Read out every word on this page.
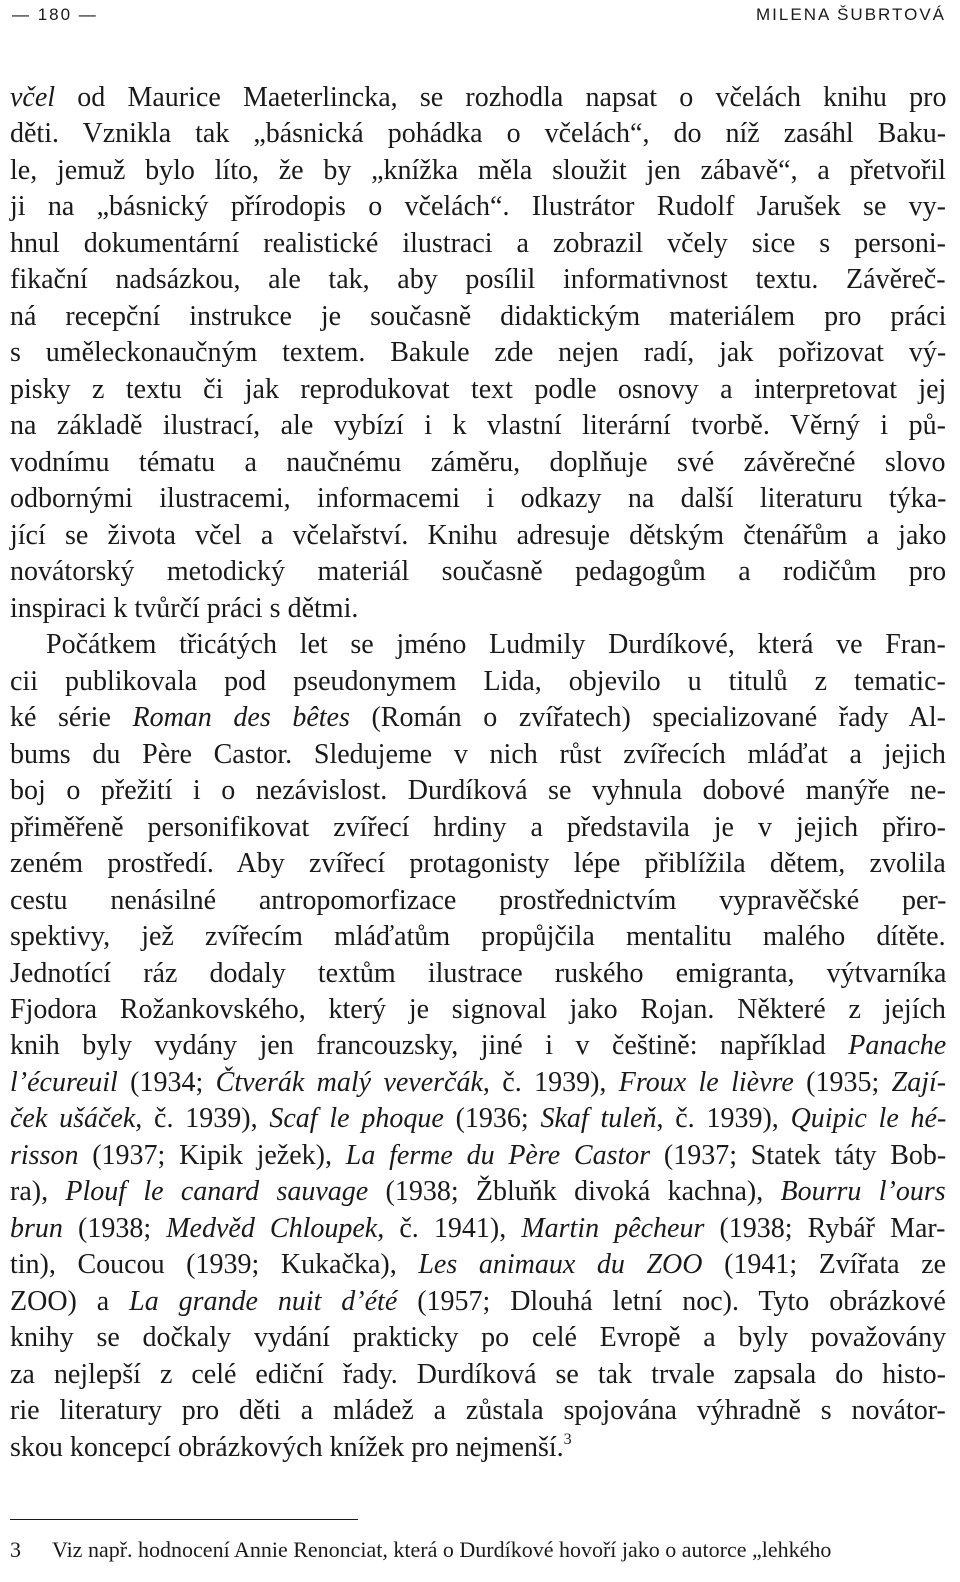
— 180 —	MILENA ŠUBRTOVÁ
včel od Maurice Maeterlincka, se rozhodla napsat o včelách knihu pro
děti. Vznikla tak „básnická pohádka o včelách“, do níž zasáhl Baku-
le, jemuž bylo líto, že by „knížka měla sloužit jen zábavě“, a přetvořil
ji na „básnický přírodopis o včelách“. Ilustrátor Rudolf Jarušek se vy-
hnul dokumentární realistické ilustraci a zobrazil včely sice s personi-
fikační nadsázkou, ale tak, aby posílil informativnost textu. Závěreč-
ná recepční instrukce je současně didaktickým materiálem pro práci
s uměleckonaučným textem. Bakule zde nejen radí, jak pořizovat vý-
pisky z textu či jak reprodukovat text podle osnovy a interpretovat jej
na základě ilustrací, ale vybízí i k vlastní literární tvorbě. Věrný i pů-
vodnímu tématu a naučnému záměru, doplňuje své závěrečné slovo
odbornými ilustracemi, informacemi i odkazy na další literaturu týka-
jící se života včel a včelařství. Knihu adresuje dětským čtenářům a jako
novátorský metodický materiál současně pedagogům a rodičům pro
inspiraci k tvůrčí práci s dětmi.
Počátkem třicátých let se jméno Ludmily Durdíkové, která ve Fran-
cii publikovala pod pseudonymem Lida, objevilo u titulů z tematic-
ké série Roman des bêtes (Román o zvířatech) specializované řady Al-
bums du Père Castor. Sledujeme v nich růst zvířecích mláďat a jejich
boj o přežití i o nezávislost. Durdíková se vyhnula dobové manýře ne-
přiměřeně personifikovat zvířecí hrdiny a představila je v jejich přiro-
zeném prostředí. Aby zvířecí protagonisty lépe přiblížila dětem, zvolila
cestu nenásilné antropomorfizace prostřednictvím vypravěčské per-
spektivy, jež zvířecím mláďatům propůjčila mentalitu malého dítěte.
Jednotící ráz dodaly textům ilustrace ruského emigranta, výtvarníka
Fjodora Rožankovského, který je signoval jako Rojan. Některé z jejích
knih byly vydány jen francouzsky, jiné i v češtině: například Panache
l’écureuil (1934; Čtverák malý veverčák, č. 1939), Froux le lièvre (1935; Zají-
ček ušáček, č. 1939), Scaf le phoque (1936; Skaf tuleň, č. 1939), Quipic le hé-
risson (1937; Kipik ježek), La ferme du Père Castor (1937; Statek táty Bob-
ra), Plouf le canard sauvage (1938; Žbluňk divoká kachna), Bourru l’ours
brun (1938; Medvěd Chloupek, č. 1941), Martin pêcheur (1938; Rybář Mar-
tin), Coucou (1939; Kukačka), Les animaux du ZOO (1941; Zvířata ze
ZOO) a La grande nuit d’été (1957; Dlouhá letní noc). Tyto obrázkové
knihy se dočkaly vydání prakticky po celé Evropě a byly považovány
za nejlepší z celé ediční řady. Durdíková se tak trvale zapsala do histo-
rie literatury pro děti a mládež a zůstala spojována výhradně s novátor-
skou koncepcí obrázkových knížek pro nejmenší.$^3$
3 Viz např. hodnocení Annie Renonciat, která o Durdíkové hovoří jako o autorce „lehkého
